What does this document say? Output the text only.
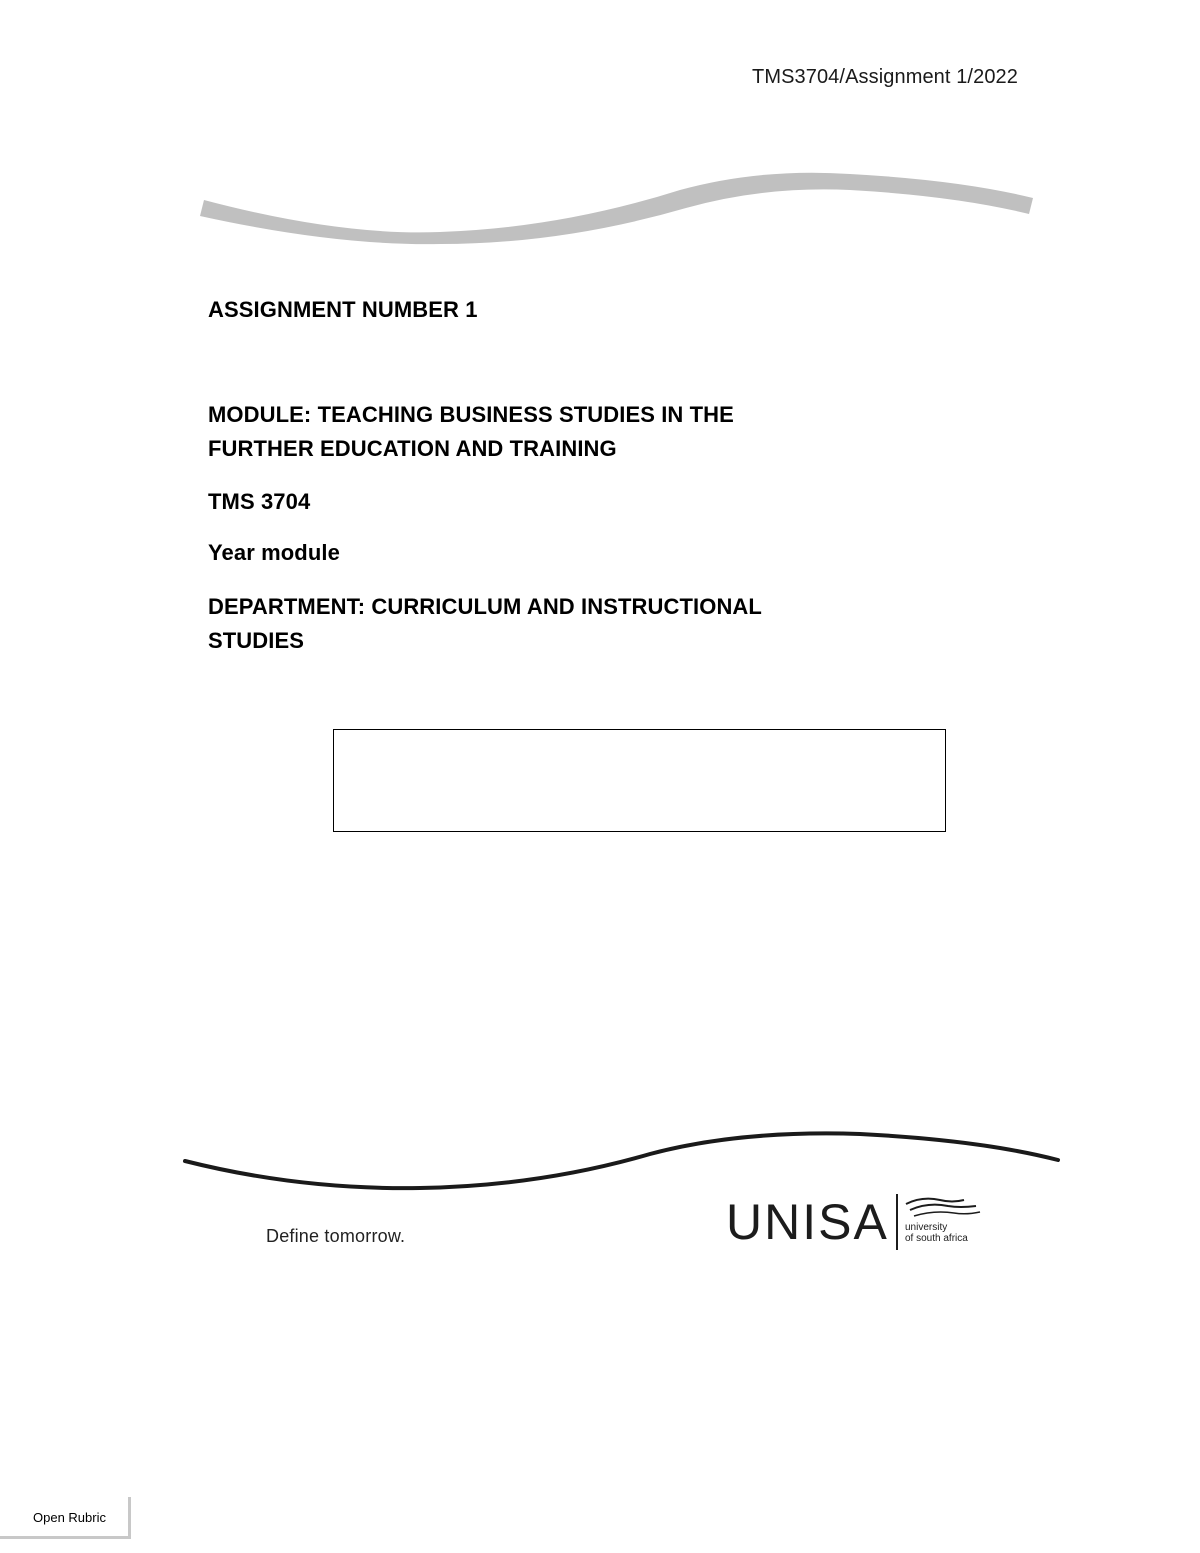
TMS3704/Assignment 1/2022
ASSIGNMENT NUMBER 1
MODULE: TEACHING BUSINESS STUDIES IN THE
FURTHER EDUCATION AND TRAINING
TMS 3704
Year module
DEPARTMENT: CURRICULUM AND INSTRUCTIONAL
STUDIES
Define tomorrow.	UNISA university
of south africa
Open Rubric
